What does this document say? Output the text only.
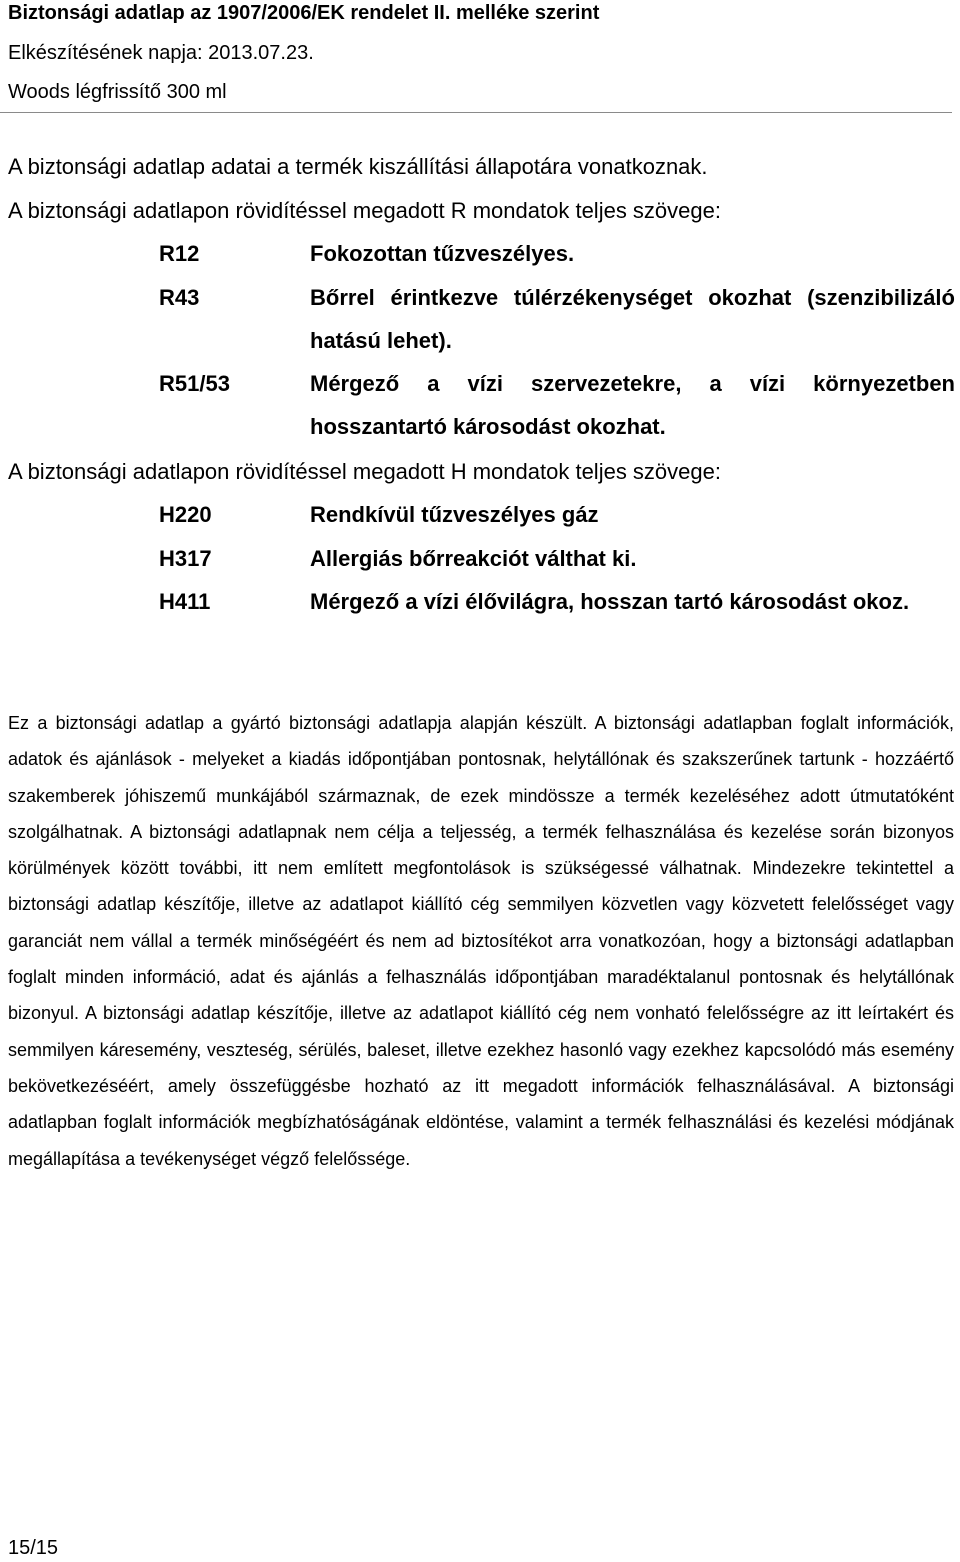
Biztonsági adatlap az 1907/2006/EK rendelet II. melléke szerint
Elkészítésének napja: 2013.07.23.
Woods légfrissítő 300 ml
A biztonsági adatlap adatai a termék kiszállítási állapotára vonatkoznak.
A biztonsági adatlapon rövidítéssel megadott R mondatok teljes szövege:
R12	Fokozottan tűzveszélyes.
R43	Bőrrel érintkezve túlérzékenységet okozhat (szenzibilizáló hatású lehet).
R51/53	Mérgező a vízi szervezetekre, a vízi környezetben hosszantartó károsodást okozhat.
A biztonsági adatlapon rövidítéssel megadott H mondatok teljes szövege:
H220	Rendkívül tűzveszélyes gáz
H317	Allergiás bőrreakciót válthat ki.
H411	Mérgező a vízi élővilágra, hosszan tartó károsodást okoz.
Ez a biztonsági adatlap a gyártó biztonsági adatlapja alapján készült. A biztonsági adatlapban foglalt információk, adatok és ajánlások - melyeket a kiadás időpontjában pontosnak, helytállónak és szakszerűnek tartunk - hozzáértő szakemberek jóhiszemű munkájából származnak, de ezek mindössze a termék kezeléséhez adott útmutatóként szolgálhatnak. A biztonsági adatlapnak nem célja a teljesség, a termék felhasználása és kezelése során bizonyos körülmények között további, itt nem említett megfontolások is szükségessé válhatnak. Mindezekre tekintettel a biztonsági adatlap készítője, illetve az adatlapot kiállító cég semmilyen közvetlen vagy közvetett felelősséget vagy garanciát nem vállal a termék minőségéért és nem ad biztosítékot arra vonatkozóan, hogy a biztonsági adatlapban foglalt minden információ, adat és ajánlás a felhasználás időpontjában maradéktalanul pontosnak és helytállónak bizonyul. A biztonsági adatlap készítője, illetve az adatlapot kiállító cég nem vonható felelősségre az itt leírtakért és semmilyen káresemény, veszteség, sérülés, baleset, illetve ezekhez hasonló vagy ezekhez kapcsolódó más esemény bekövetkezéséért, amely összefüggésbe hozható az itt megadott információk felhasználásával. A biztonsági adatlapban foglalt információk megbízhatóságának eldöntése, valamint a termék felhasználási és kezelési módjának megállapítása a tevékenységet végző felelőssége.
15/15
